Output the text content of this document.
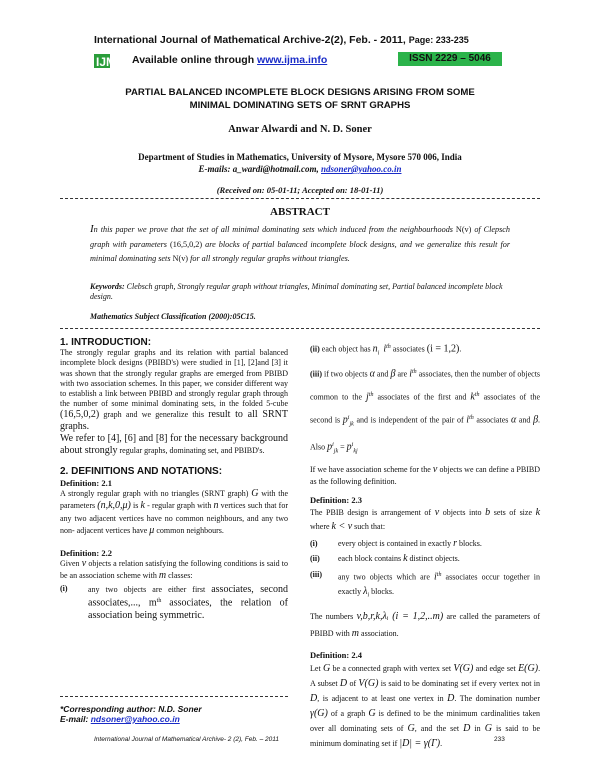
International Journal of Mathematical Archive-2(2), Feb. - 2011, Page: 233-235
IJMA Available online through www.ijma.info	ISSN 2229 – 5046
PARTIAL BALANCED INCOMPLETE BLOCK DESIGNS ARISING FROM SOME
MINIMAL DOMINATING SETS OF SRNT GRAPHS
Anwar Alwardi and N. D. Soner
Department of Studies in Mathematics, University of Mysore, Mysore 570 006, India
E-mails: a_wardi@hotmail.com, ndsoner@yahoo.co.in
(Received on: 05-01-11; Accepted on: 18-01-11)
ABSTRACT
In this paper we prove that the set of all minimal dominating sets which induced from the neighbourhoods N(v) of Clepsch graph with parameters (16,5,0,2) are blocks of partial balanced incomplete block designs, and we generalize this result for minimal dominating sets N(v) for all strongly regular graphs without triangles.
Keywords: Clebsch graph, Strongly regular graph without triangles, Minimal dominating set, Partial balanced incomplete block design.
Mathematics Subject Classification (2000):05C15.
1. INTRODUCTION:
The strongly regular graphs and its relation with partial balanced incomplete block designs (PBIBD's) were studied in [1], [2]and [3] it was shown that the strongly regular graphs are emerged from PBIBD with two association schemes. In this paper, we consider different way to establish a link between PBIBD and strongly regular graph through the number of some minimal dominating sets, in the folded 5-cube (16,5,0,2) graph and we generalize this result to all SRNT graphs.
We refer to [4], [6] and [8] for the necessary background about strongly regular graphs, dominating set, and PBIBD's.
2. DEFINITIONS AND NOTATIONS:
Definition: 2.1
A strongly regular graph with no triangles (SRNT graph) G with the parameters (n,k,0,μ) is k - regular graph with n vertices such that for any two adjacent vertices have no common neighbours, and any two non- adjacent vertices have μ common neighbours.
Definition: 2.2
Given v objects a relation satisfying the following conditions is said to be an association scheme with m classes:
(i)	any two objects are either first associates, second associates,..., $m^{th}$ associates, the relation of association being symmetric.
(ii) each object has $n_i$ $i^{th}$ associates (i = 1,2).
(iii) if two objects α and β are $i^{th}$ associates, then the number of objects common to the $j^{th}$ associates of the first and $k^{th}$ associates of the second is $p^i_{jk}$ and is independent of the pair of $i^{th}$ associates α and β. Also $p^i_{jk} = p^i_{kj}$
If we have association scheme for the v objects we can define a PBIBD as the following definition.
Definition: 2.3
The PBIB design is arrangement of v objects into b sets of size k where k < v such that:
(i)	every object is contained in exactly r blocks.
(ii)	each block contains k distinct objects.
(iii)	any two objects which are $i^{th}$ associates occur together in exactly $\lambda_i$ blocks.
The numbers v,b,r,k,λᵢ (i = 1,2,..m) are called the parameters of PBIBD with m association.
Definition: 2.4
Let G be a connected graph with vertex set V(G) and edge set E(G). A subset D of V(G) is said to be dominating set if every vertex not in D, is adjacent to at least one vertex in D. The domination number γ(G) of a graph G is defined to be the minimum cardinalities taken over all dominating sets of G, and the set D in G is said to be minimum dominating set if |D| = γ(Γ).
*Corresponding author: N.D. Soner
E-mail: ndsoner@yahoo.co.in
International Journal of Mathematical Archive- 2 (2), Feb. – 2011	233
